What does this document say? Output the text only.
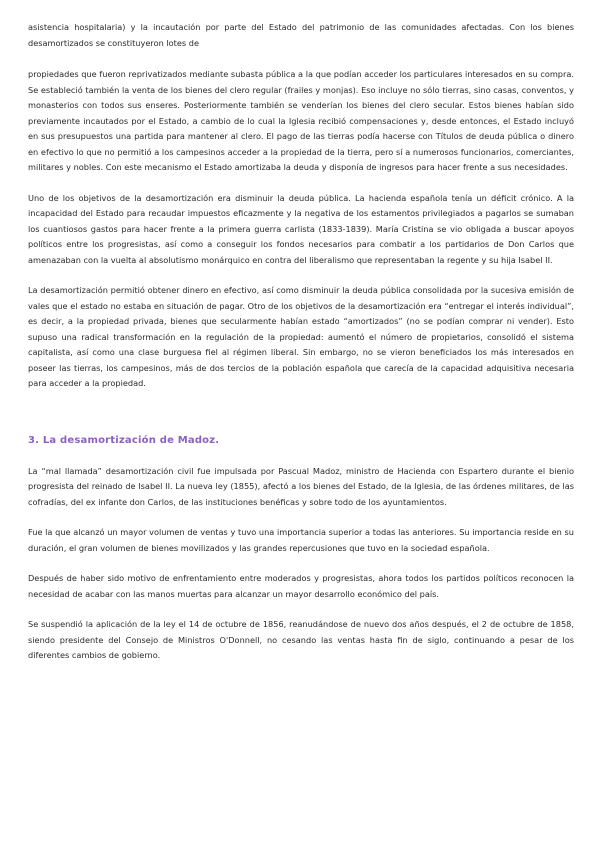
asistencia hospitalaria) y la incautación por parte del Estado del patrimonio de las comunidades afectadas. Con los bienes desamortizados se constituyeron lotes de

propiedades que fueron reprivatizados mediante subasta pública a la que podían acceder los particulares interesados en su compra. Se estableció también la venta de los bienes del clero regular (frailes y monjas). Eso incluye no sólo tierras, sino casas, conventos, y monasterios con todos sus enseres. Posteriormente también se venderían los bienes del clero secular. Estos bienes habían sido previamente incautados por el Estado, a cambio de lo cual la Iglesia recibió compensaciones y, desde entonces, el Estado incluyó en sus presupuestos una partida para mantener al clero. El pago de las tierras podía hacerse con Títulos de deuda pública o dinero en efectivo lo que no permitió a los campesinos acceder a la propiedad de la tierra, pero sí a numerosos funcionarios, comerciantes, militares y nobles. Con este mecanismo el Estado amortizaba la deuda y disponía de ingresos para hacer frente a sus necesidades.

Uno de los objetivos de la desamortización era disminuir la deuda pública. La hacienda española tenía un déficit crónico. A la incapacidad del Estado para recaudar impuestos eficazmente y la negativa de los estamentos privilegiados a pagarlos se sumaban los cuantiosos gastos para hacer frente a la primera guerra carlista (1833-1839). María Cristina se vio obligada a buscar apoyos políticos entre los progresistas, así como a conseguir los fondos necesarios para combatir a los partidarios de Don Carlos que amenazaban con la vuelta al absolutismo monárquico en contra del liberalismo que representaban la regente y su hija Isabel II.

La desamortización permitió obtener dinero en efectivo, así como disminuir la deuda pública consolidada por la sucesiva emisión de vales que el estado no estaba en situación de pagar. Otro de los objetivos de la desamortización era “entregar el interés individual”, es decir, a la propiedad privada, bienes que secularmente habían estado “amortizados” (no se podían comprar ni vender). Esto supuso una radical transformación en la regulación de la propiedad: aumentó el número de propietarios, consolidó el sistema capitalista, así como una clase burguesa fiel al régimen liberal. Sin embargo, no se vieron beneficiados los más interesados en poseer las tierras, los campesinos, más de dos tercios de la población española que carecía de la capacidad adquisitiva necesaria para acceder a la propiedad.

3. La desamortización de Madoz.

La “mal llamada” desamortización civil fue impulsada por Pascual Madoz, ministro de Hacienda con Espartero durante el bienio progresista del reinado de Isabel II. La nueva ley (1855), afectó a los bienes del Estado, de la Iglesia, de las órdenes militares, de las cofradías, del ex infante don Carlos, de las instituciones benéficas y sobre todo de los ayuntamientos.

Fue la que alcanzó un mayor volumen de ventas y tuvo una importancia superior a todas las anteriores. Su importancia reside en su duración, el gran volumen de bienes movilizados y las grandes repercusiones que tuvo en la sociedad española.

Después de haber sido motivo de enfrentamiento entre moderados y progresistas, ahora todos los partidos políticos reconocen la necesidad de acabar con las manos muertas para alcanzar un mayor desarrollo económico del país.

Se suspendió la aplicación de la ley el 14 de octubre de 1856, reanudándose de nuevo dos años después, el 2 de octubre de 1858, siendo presidente del Consejo de Ministros O'Donnell, no cesando las ventas hasta fin de siglo, continuando a pesar de los diferentes cambios de gobierno.
